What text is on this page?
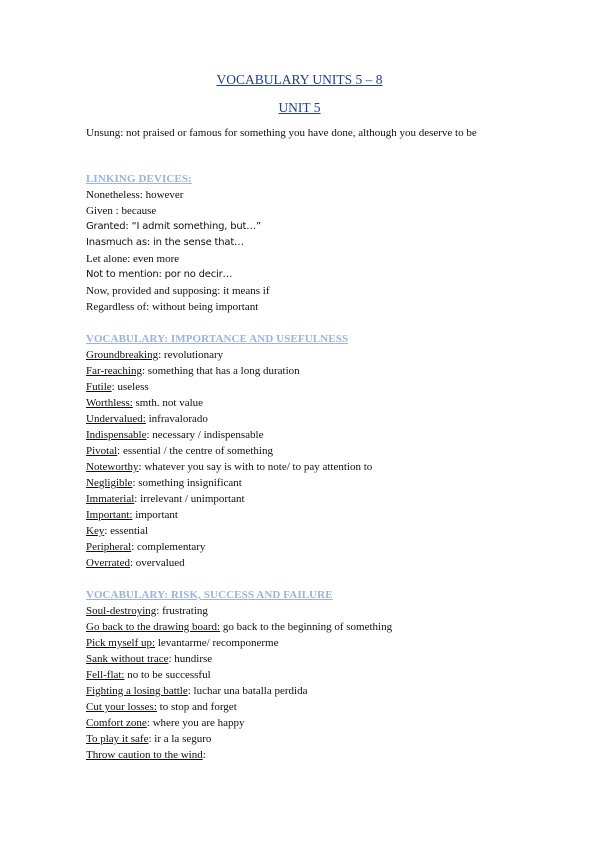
VOCABULARY UNITS 5 – 8
UNIT 5

Unsung: not praised or famous for something you have done, although you deserve to be

LINKING DEVICES:
Nonetheless: however
Given : because
Granted: “I admit something, but…”
Inasmuch as: in the sense that…
Let alone: even more
Not to mention: por no decir…
Now, provided and supposing: it means if
Regardless of: without being important
VOCABULARY: IMPORTANCE AND USEFULNESS
Groundbreaking: revolutionary
Far-reaching: something that has a long duration
Futile: useless
Worthless: smth. not value
Undervalued: infravalorado
Indispensable: necessary / indispensable
Pivotal: essential / the centre of something
Noteworthy: whatever you say is with to note/ to pay attention to
Negligible: something insignificant
Immaterial: irrelevant / unimportant
Important: important
Key: essential
Peripheral: complementary
Overrated: overvalued
VOCABULARY: RISK, SUCCESS AND FAILURE
Soul-destroying: frustrating
Go back to the drawing board: go back to the beginning of something
Pick myself up: levantarme/ recomponerme
Sank without trace: hundirse
Fell-flat: no to be successful
Fighting a losing battle: luchar una batalla perdida
Cut your losses: to stop and forget
Comfort zone: where you are happy
To play it safe: ir a la seguro
Throw caution to the wind:
